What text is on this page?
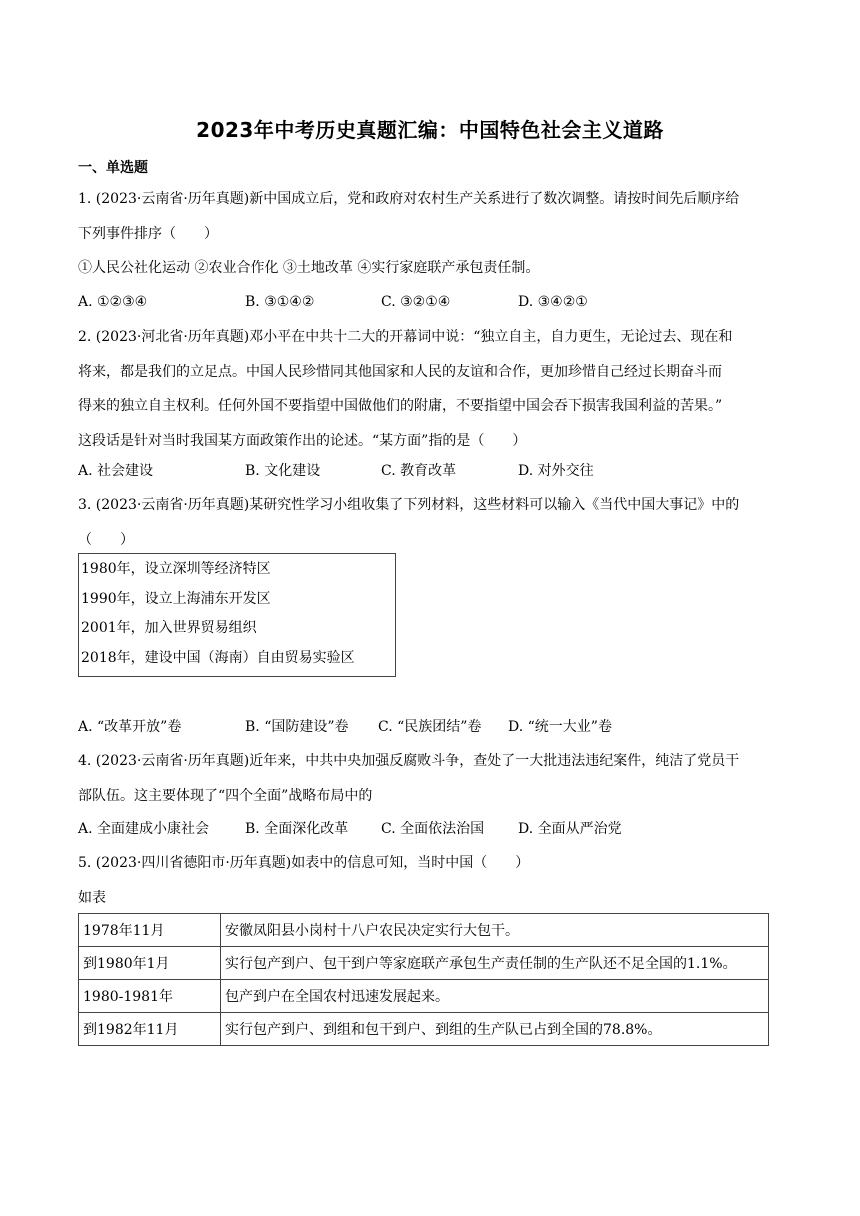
2023年中考历史真题汇编：中国特色社会主义道路
一、单选题
1. (2023·云南省·历年真题)新中国成立后，党和政府对农村生产关系进行了数次调整。请按时间先后顺序给
下列事件排序（　　）
①人民公社化运动 ②农业合作化 ③土地改革 ④实行家庭联产承包责任制。
A. ①②③④	B. ③①④②	C. ③②①④	D. ③④②①
2. (2023·河北省·历年真题)邓小平在中共十二大的开幕词中说：“独立自主，自力更生，无论过去、现在和
将来，都是我们的立足点。中国人民珍惜同其他国家和人民的友谊和合作，更加珍惜自己经过长期奋斗而
得来的独立自主权利。任何外国不要指望中国做他们的附庸，不要指望中国会吞下损害我国利益的苦果。”
这段话是针对当时我国某方面政策作出的论述。“某方面”指的是（　　）
A. 社会建设	B. 文化建设	C. 教育改革	D. 对外交往
3. (2023·云南省·历年真题)某研究性学习小组收集了下列材料，这些材料可以输入《当代中国大事记》中的
（　　）
1980年，设立深圳等经济特区
1990年，设立上海浦东开发区
2001年，加入世界贸易组织
2018年，建设中国（海南）自由贸易实验区
A. “改革开放”卷	B. “国防建设”卷 C. “民族团结”卷 D. “统一大业”卷
4. (2023·云南省·历年真题)近年来，中共中央加强反腐败斗争，查处了一大批违法违纪案件，纯洁了党员干
部队伍。这主要体现了“四个全面”战略布局中的
A. 全面建成小康社会	B. 全面深化改革 C. 全面依法治国 D. 全面从严治党
5. (2023·四川省德阳市·历年真题)如表中的信息可知，当时中国（　　）
如表
1978年11月	安徽凤阳县小岗村十八户农民决定实行大包干。
到1980年1月	实行包产到户、包干到户等家庭联产承包生产责任制的生产队还不足全国的1.1%。
1980-1981年	包产到户在全国农村迅速发展起来。
到1982年11月	实行包产到户、到组和包干到户、到组的生产队已占到全国的78.8%。
